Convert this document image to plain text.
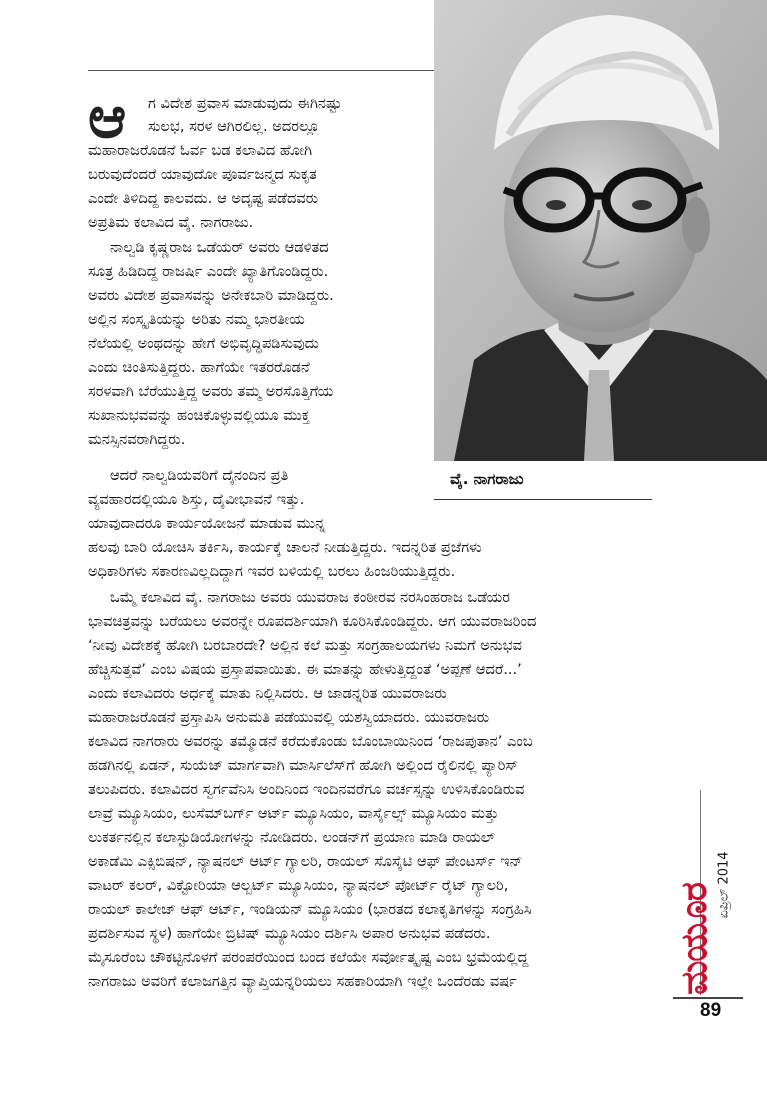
ವೈ. ನಾಗರಾಜು
ಆ ಗ ವಿದೇಶ ಪ್ರವಾಸ ಮಾಡುವುದು ಈಗಿನಷ್ಟು
ಸುಲಭ, ಸರಳ ಆಗಿರಲಿಲ್ಲ. ಅದರಲ್ಲೂ
ಮಹಾರಾಜರೊಡನೆ ಓರ್ವ ಬಡ ಕಲಾವಿದ ಹೋಗಿ
ಬರುವುದೆಂದರೆ ಯಾವುದೋ ಪೂರ್ವಜನ್ಮದ ಸುಕೃತ
ಎಂದೇ ತಿಳಿದಿದ್ದ ಕಾಲವದು. ಆ ಅದೃಷ್ಟ ಪಡೆದವರು
ಅಪ್ರತಿಮ ಕಲಾವಿದ ವೈ. ನಾಗರಾಜು.
ನಾಲ್ವಡಿ ಕೃಷ್ಣರಾಜ ಒಡೆಯರ್ ಅವರು ಆಡಳಿತದ
ಸೂತ್ರ ಹಿಡಿದಿದ್ದ ರಾಜರ್ಷಿ ಎಂದೇ ಖ್ಯಾತಿಗೊಂಡಿದ್ದರು.
ಅವರು ವಿದೇಶ ಪ್ರವಾಸವನ್ನು ಅನೇಕಬಾರಿ ಮಾಡಿದ್ದರು.
ಅಲ್ಲಿನ ಸಂಸ್ಕೃತಿಯನ್ನು ಅರಿತು ನಮ್ಮ ಭಾರತೀಯ
ನೆಲೆಯಲ್ಲಿ ಅಂಥದನ್ನು ಹೇಗೆ ಅಭಿವೃದ್ಧಿಪಡಿಸುವುದು
ಎಂದು ಚಿಂತಿಸುತ್ತಿದ್ದರು. ಹಾಗೆಯೇ ಇತರರೊಡನೆ
ಸರಳವಾಗಿ ಬೆರೆಯುತ್ತಿದ್ದ ಅವರು ತಮ್ಮ ಅರಸೊತ್ತಿಗೆಯ
ಸುಖಾನುಭವವನ್ನು ಹಂಚಿಕೊಳ್ಳುವಲ್ಲಿಯೂ ಮುಕ್ತ
ಮನಸ್ಸಿನವರಾಗಿದ್ದರು.
ಆದರೆ ನಾಲ್ವಡಿಯವರಿಗೆ ದೈನಂದಿನ ಪ್ರತಿ
ವ್ಯವಹಾರದಲ್ಲಿಯೂ ಶಿಸ್ತು, ದೈವೀಭಾವನೆ ಇತ್ತು.
ಯಾವುದಾದರೂ ಕಾರ್ಯಯೋಜನೆ ಮಾಡುವ ಮುನ್ನ
ಹಲವು ಬಾರಿ ಯೋಚಿಸಿ ತರ್ಕಿಸಿ, ಕಾರ್ಯಕ್ಕೆ ಚಾಲನೆ ನೀಡುತ್ತಿದ್ದರು. ಇದನ್ನರಿತ ಪ್ರಜೆಗಳು
ಅಧಿಕಾರಿಗಳು ಸಕಾರಣವಿಲ್ಲದಿದ್ದಾಗ ಇವರ ಬಳಿಯಲ್ಲಿ ಬರಲು ಹಿಂಜರಿಯುತ್ತಿದ್ದರು.
ಒಮ್ಮೆ ಕಲಾವಿದ ವೈ. ನಾಗರಾಜು ಅವರು ಯುವರಾಜ ಕಂಠೀರವ ನರಸಿಂಹರಾಜ ಒಡೆಯರ
ಭಾವಚಿತ್ರವನ್ನು ಬರೆಯಲು ಅವರನ್ನೇ ರೂಪದರ್ಶಿಯಾಗಿ ಕೂರಿಸಿಕೊಂಡಿದ್ದರು. ಆಗ ಯುವರಾಜರಿಂದ
‘ನೀವು ವಿದೇಶಕ್ಕೆ ಹೋಗಿ ಬರಬಾರದೇ? ಅಲ್ಲಿನ ಕಲೆ ಮತ್ತು ಸಂಗ್ರಹಾಲಯಗಳು ನಿಮಗೆ ಅನುಭವ
ಹೆಚ್ಚಿಸುತ್ತವೆ’ ಎಂಬ ವಿಷಯ ಪ್ರಸ್ತಾಪವಾಯಿತು. ಈ ಮಾತನ್ನು ಹೇಳುತ್ತಿದ್ದಂತೆ ‘ಅಪ್ಪಣೆ ಆದರೆ...’
ಎಂದು ಕಲಾವಿದರು ಅರ್ಧಕ್ಕೆ ಮಾತು ನಿಲ್ಲಿಸಿದರು. ಆ ಜಾಡನ್ನರಿತ ಯುವರಾಜರು
ಮಹಾರಾಜರೊಡನೆ ಪ್ರಸ್ತಾಪಿಸಿ ಅನುಮತಿ ಪಡೆಯುವಲ್ಲಿ ಯಶಸ್ವಿಯಾದರು. ಯುವರಾಜರು
ಕಲಾವಿದ ನಾಗರಾರು ಅವರನ್ನು ತಮ್ಮೊಡನೆ ಕರೆದುಕೊಂಡು ಬೊಂಬಾಯಿನಿಂದ ‘ರಾಜಪುತಾನ’ ಎಂಬ
ಹಡಗಿನಲ್ಲಿ ಏಡನ್, ಸುಯೆಜ್ ಮಾರ್ಗವಾಗಿ ಮಾರ್ಸಿಲೆಸ್‌ಗೆ ಹೋಗಿ ಅಲ್ಲಿಂದ ರೈಲಿನಲ್ಲಿ ಪ್ಯಾರಿಸ್
ತಲುಪಿದರು. ಕಲಾವಿದರ ಸ್ವರ್ಗವೆನಿಸಿ ಅಂದಿನಿಂದ ಇಂದಿನವರೆಗೂ ವರ್ಚಸ್ಸನ್ನು ಉಳಿಸಿಕೊಂಡಿರುವ
ಲಾವ್ರೆ ಮ್ಯೂಸಿಯಂ, ಲುಸೆಮ್‌ಬರ್ಗ್ ಆರ್ಟ್ ಮ್ಯೂಸಿಯಂ, ವಾರ್ಸೈಲ್ಸ್ ಮ್ಯೂಸಿಯಂ ಮತ್ತು
ಲುಕರ್ತನಲ್ಲಿನ ಕಲಾಸ್ಟುಡಿಯೋಗಳನ್ನು ನೋಡಿದರು. ಲಂಡನ್‌ಗೆ ಪ್ರಯಾಣ ಮಾಡಿ ರಾಯಲ್
ಅಕಾಡೆಮಿ ಎಕ್ಸಿಬಿಷನ್, ನ್ಯಾಷನಲ್ ಆರ್ಟ್ ಗ್ಯಾಲರಿ, ರಾಯಲ್ ಸೊಸೈಟಿ ಆಫ್ ಪೇಂಟರ್ಸ್ ಇನ್
ವಾಟರ್ ಕಲರ್, ವಿಕ್ಟೋರಿಯಾ ಆಲ್ಬರ್ಟ್ ಮ್ಯೂಸಿಯಂ, ನ್ಯಾಷನಲ್ ಪೋರ್ಟ್ ರೈಟ್ ಗ್ಯಾಲರಿ,
ರಾಯಲ್ ಕಾಲೇಜ್ ಆಫ್ ಆರ್ಟ್, ಇಂಡಿಯನ್ ಮ್ಯೂಸಿಯಂ (ಭಾರತದ ಕಲಾಕೃತಿಗಳನ್ನು ಸಂಗ್ರಹಿಸಿ
ಪ್ರದರ್ಶಿಸುವ ಸ್ಥಳ) ಹಾಗೆಯೇ ಬ್ರಿಟಿಷ್ ಮ್ಯೂಸಿಯಂ ದರ್ಶಿಸಿ ಅಪಾರ ಅನುಭವ ಪಡೆದರು.
ಮೈಸೂರೆಂಬ ಚೌಕಟ್ಟಿನೊಳಗೆ ಪರಂಪರೆಯಿಂದ ಬಂದ ಕಲೆಯೇ ಸರ್ವೋತ್ಕೃಷ್ಟ ಎಂಬ ಭ್ರಮೆಯಲ್ಲಿದ್ದ
ನಾಗರಾಜು ಅವರಿಗೆ ಕಲಾಜಗತ್ತಿನ ವ್ಯಾಪ್ತಿಯನ್ನರಿಯಲು ಸಹಕಾರಿಯಾಗಿ ಇಲ್ಲೇ ಒಂದೆರಡು ವರ್ಷ
ಏಪ್ರಿಲ್ 2014
ಮಯೂರ
89
